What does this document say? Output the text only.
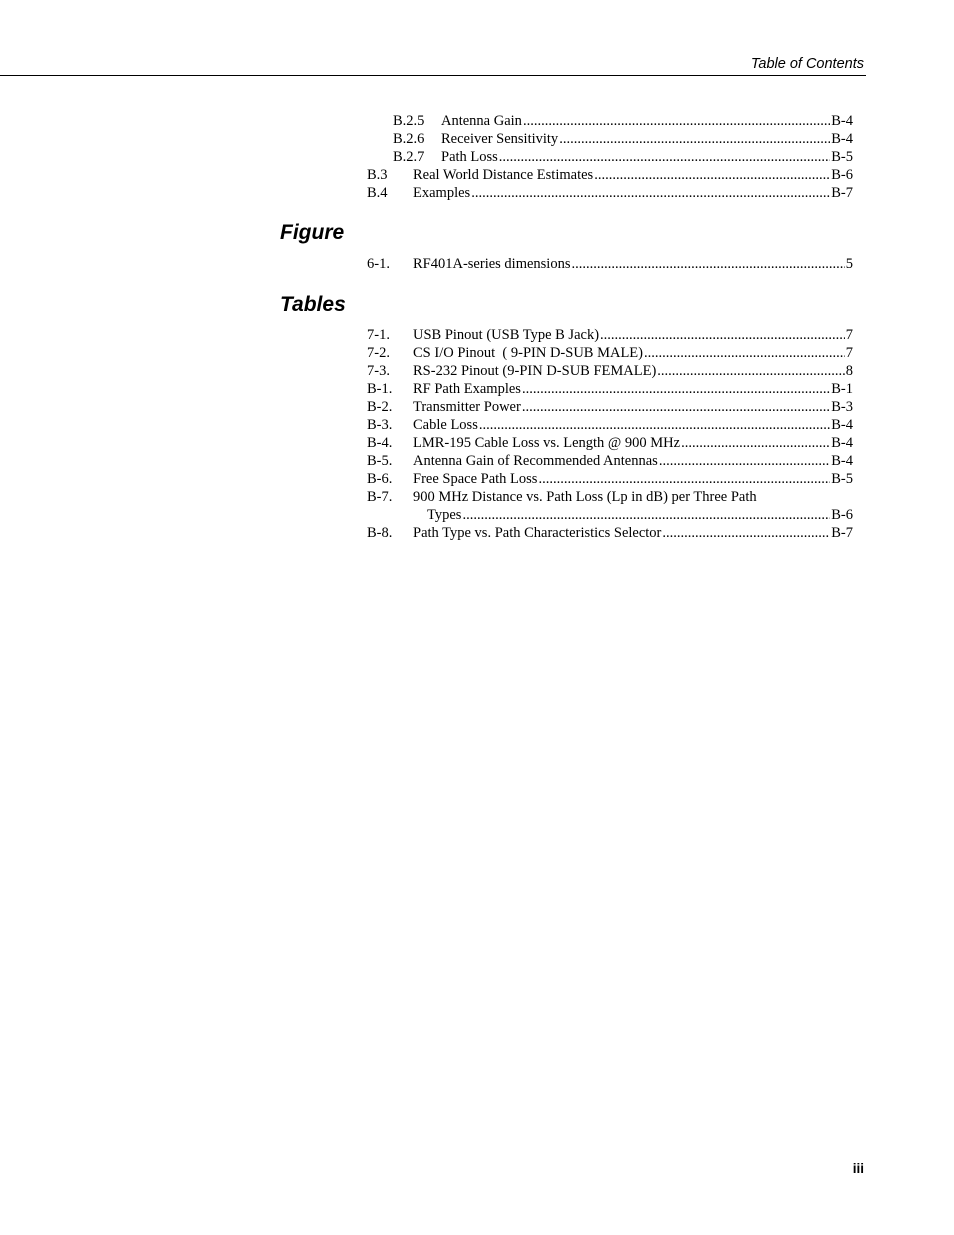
Table of Contents
B.2.5	Antenna Gain .....	B-4
B.2.6	Receiver Sensitivity .....	B-4
B.2.7	Path Loss .....	B-5
B.3	Real World Distance Estimates .....	B-6
B.4	Examples .....	B-7
Figure
6-1.	RF401A-series dimensions .....	5
Tables
7-1.	USB Pinout (USB Type B Jack) .....	7
7-2.	CS I/O Pinout  ( 9-PIN D-SUB MALE) .....	7
7-3.	RS-232 Pinout (9-PIN D-SUB FEMALE) .....	8
B-1.	RF Path Examples .....	B-1
B-2.	Transmitter Power .....	B-3
B-3.	Cable Loss .....	B-4
B-4.	LMR-195 Cable Loss vs. Length @ 900 MHz .....	B-4
B-5.	Antenna Gain of Recommended Antennas .....	B-4
B-6.	Free Space Path Loss .....	B-5
B-7.	900 MHz Distance vs. Path Loss (Lp in dB) per Three Path
Types .....	B-6
B-8.	Path Type vs. Path Characteristics Selector .....	B-7
iii
